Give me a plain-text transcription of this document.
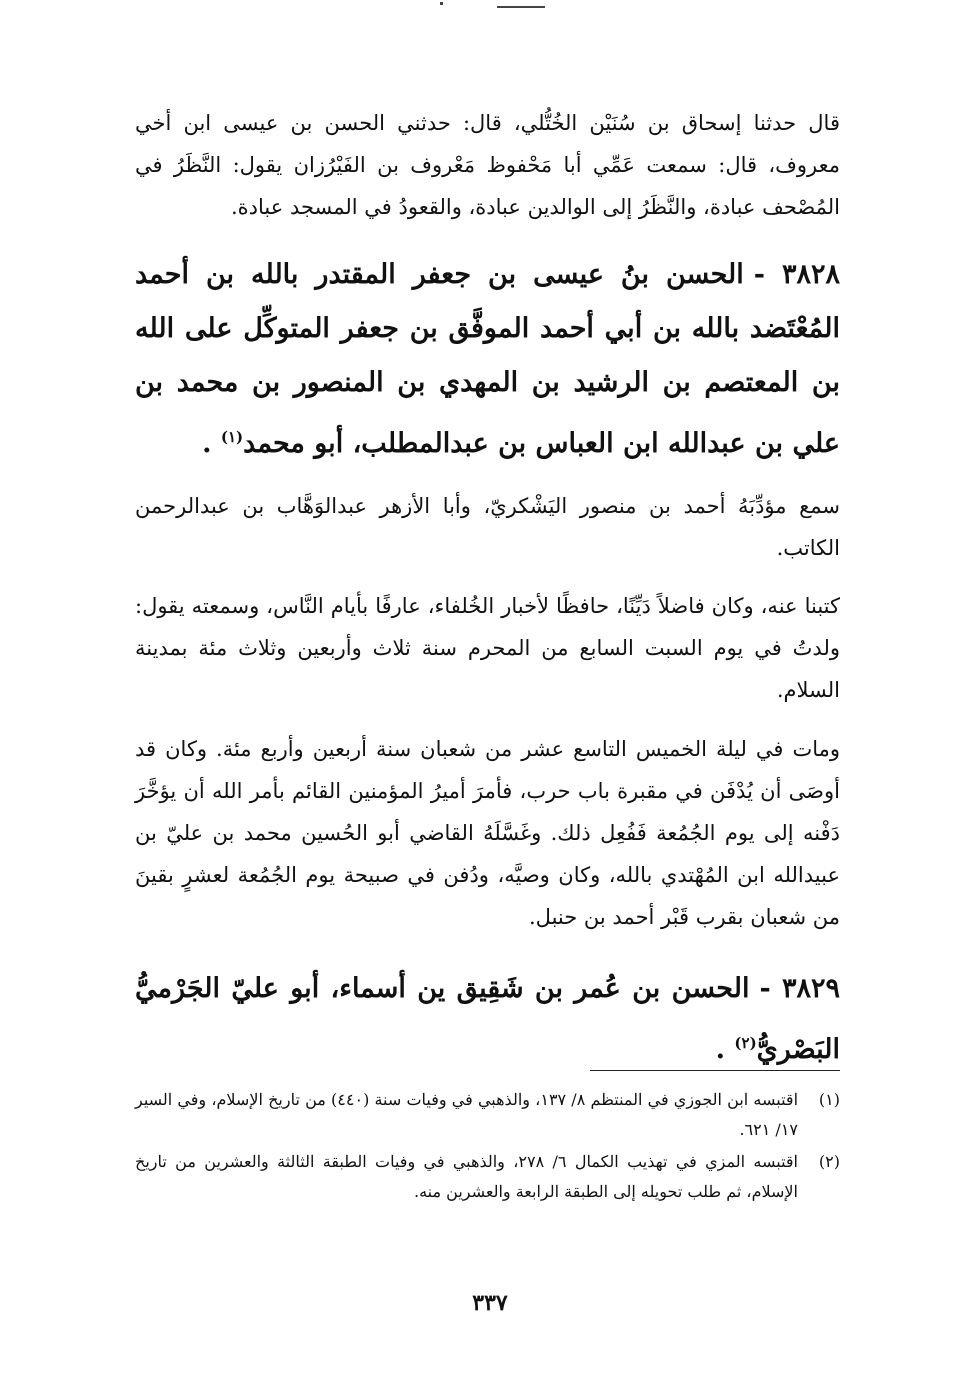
قال حدثنا إسحاق بن سُنَيْن الخُتُّلي، قال: حدثني الحسن بن عيسى ابن أخي معروف، قال: سمعت عَمِّي أبا مَحْفوظ مَعْروف بن الفَيْرُزان يقول: النَّظَرُ في المُصْحف عبادة، والنَّظَرُ إلى الوالدين عبادة، والقعودُ في المسجد عبادة.

٣٨٢٨ -الحسن بنُ عيسى بن جعفر المقتدر بالله بن أحمد المُعْتَضد بالله بن أبي أحمد الموفَّق بن جعفر المتوكِّل على الله بن المعتصم بن الرشيد بن المهدي بن المنصور بن محمد بن علي بن عبدالله ابن العباس بن عبدالمطلب، أبو محمد$^{(١)}$ .

سمع مؤدِّبَهُ أحمد بن منصور اليَشْكريّ، وأبا الأزهر عبدالوَهَّاب بن عبدالرحمن الكاتب.

كتبنا عنه، وكان فاضلاً دَيِّنًا، حافظًا لأخبار الخُلفاء، عارفًا بأيام النَّاس، وسمعته يقول: ولدتُ في يوم السبت السابع من المحرم سنة ثلاث وأربعين وثلاث مئة بمدينة السلام.

ومات في ليلة الخميس التاسع عشر من شعبان سنة أربعين وأربع مئة. وكان قد أوصَى أن يُدْفَن في مقبرة باب حرب، فأمرَ أميرُ المؤمنين القائم بأمر الله أن يؤخَّرَ دَفْنه إلى يوم الجُمُعة فَفُعِل ذلك. وغَسَّلَهُ القاضي أبو الحُسين محمد بن عليّ بن عبيدالله ابن المُهْتدي بالله، وكان وصيَّه، ودُفن في صبيحة يوم الجُمُعة لعشرٍ بقينَ من شعبان بقرب قَبْر أحمد بن حنبل.

٣٨٢٩ -الحسن بن عُمر بن شَقِيق ين أسماء، أبو عليّ الجَرْميُّ البَصْريُّ$^{(٢)}$ .

(١)
اقتبسه ابن الجوزي في المنتظم ٨/ ١٣٧، والذهبي في وفيات سنة (٤٤٠) من تاريخ الإسلام، وفي السير ١٧/ ٦٢١.

(٢)
اقتبسه المزي في تهذيب الكمال ٦/ ٢٧٨، والذهبي في وفيات الطبقة الثالثة والعشرين من تاريخ الإسلام، ثم طلب تحويله إلى الطبقة الرابعة والعشرين منه.

٣٣٧
